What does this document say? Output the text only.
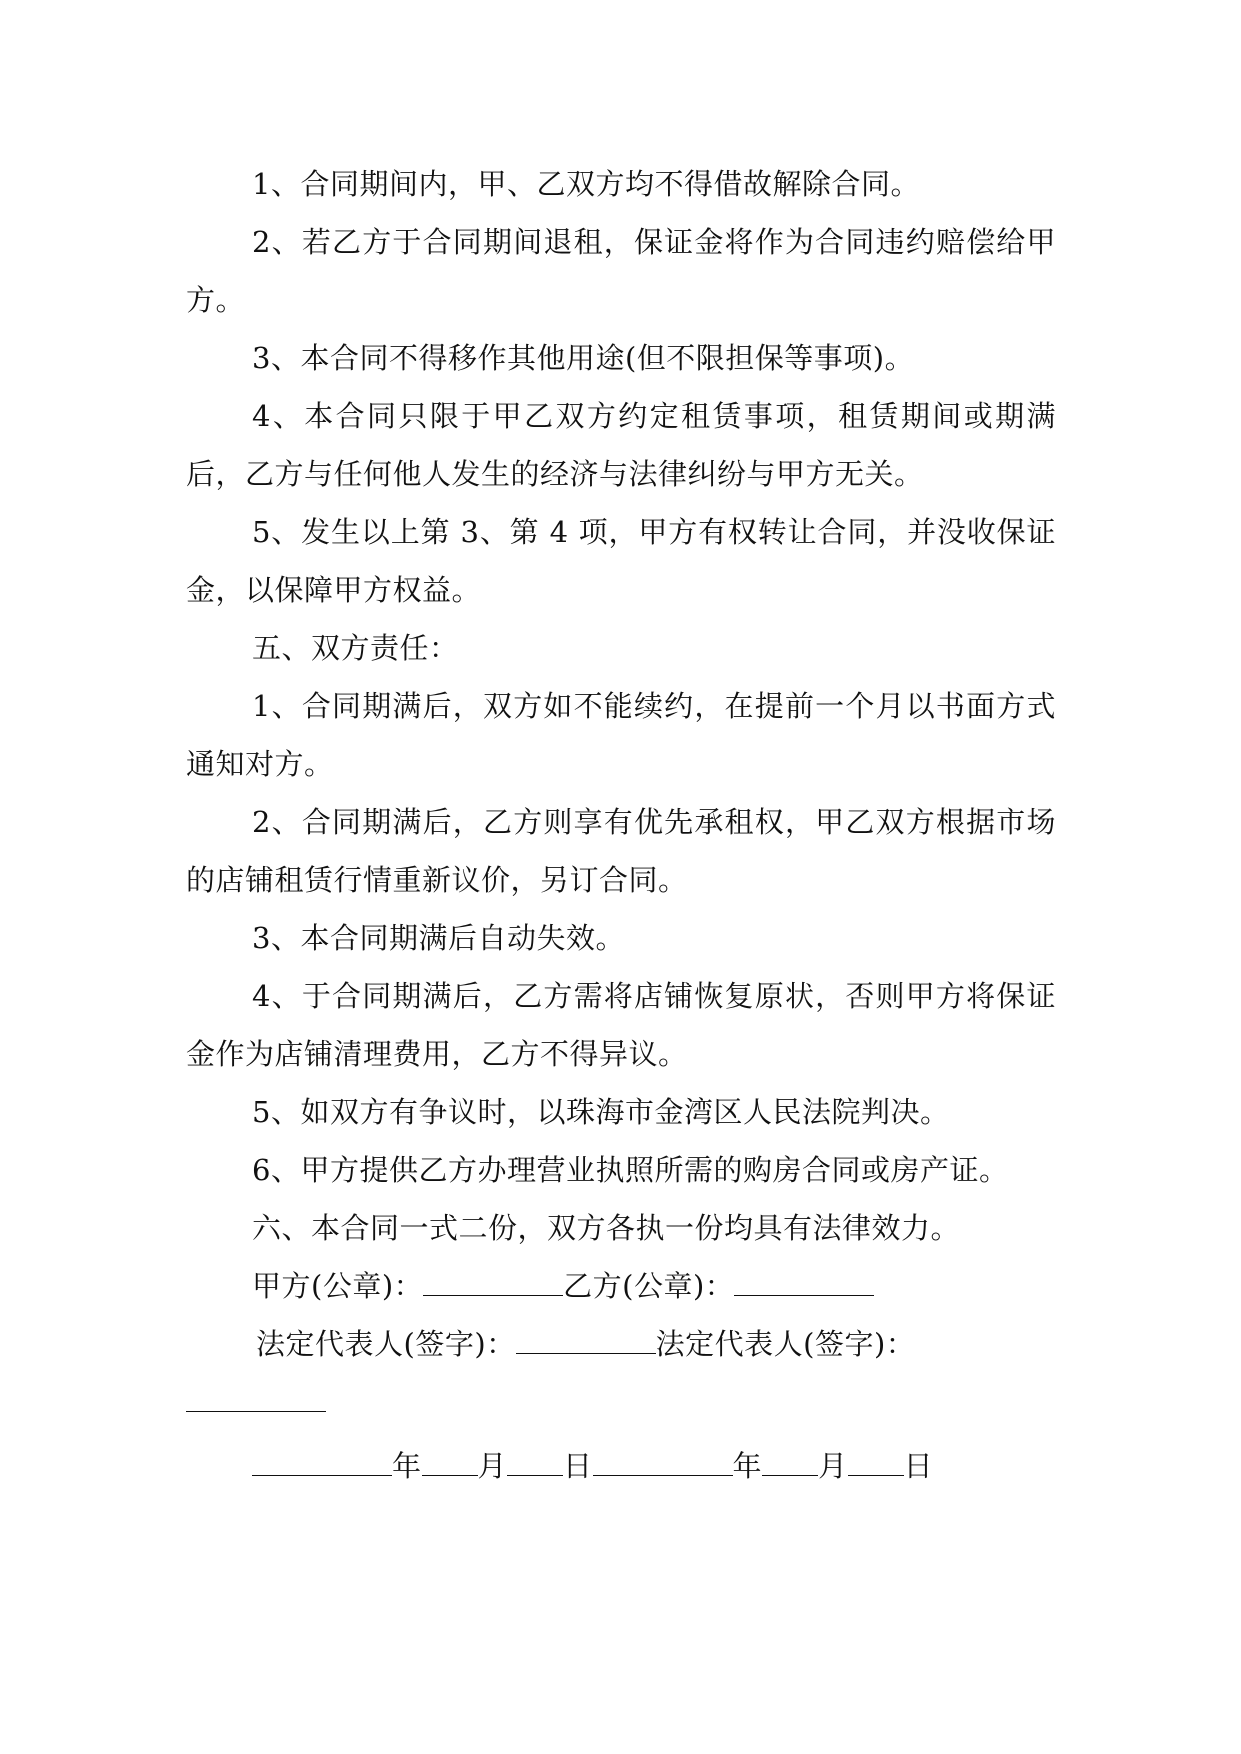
1、合同期间内，甲、乙双方均不得借故解除合同。

2、若乙方于合同期间退租，保证金将作为合同违约赔偿给甲方。

3、本合同不得移作其他用途(但不限担保等事项)。

4、本合同只限于甲乙双方约定租赁事项，租赁期间或期满后，乙方与任何他人发生的经济与法律纠纷与甲方无关。

5、发生以上第 3、第 4 项，甲方有权转让合同，并没收保证金，以保障甲方权益。

五、双方责任：

1、合同期满后，双方如不能续约，在提前一个月以书面方式通知对方。

2、合同期满后，乙方则享有优先承租权，甲乙双方根据市场的店铺租赁行情重新议价，另订合同。

3、本合同期满后自动失效。

4、于合同期满后，乙方需将店铺恢复原状，否则甲方将保证金作为店铺清理费用，乙方不得异议。

5、如双方有争议时，以珠海市金湾区人民法院判决。

6、甲方提供乙方办理营业执照所需的购房合同或房产证。

六、本合同一式二份，双方各执一份均具有法律效力。

甲方(公章)：	乙方(公章)：

法定代表人(签字)：	法定代表人(签字)：

年 月 日	年 月 日
